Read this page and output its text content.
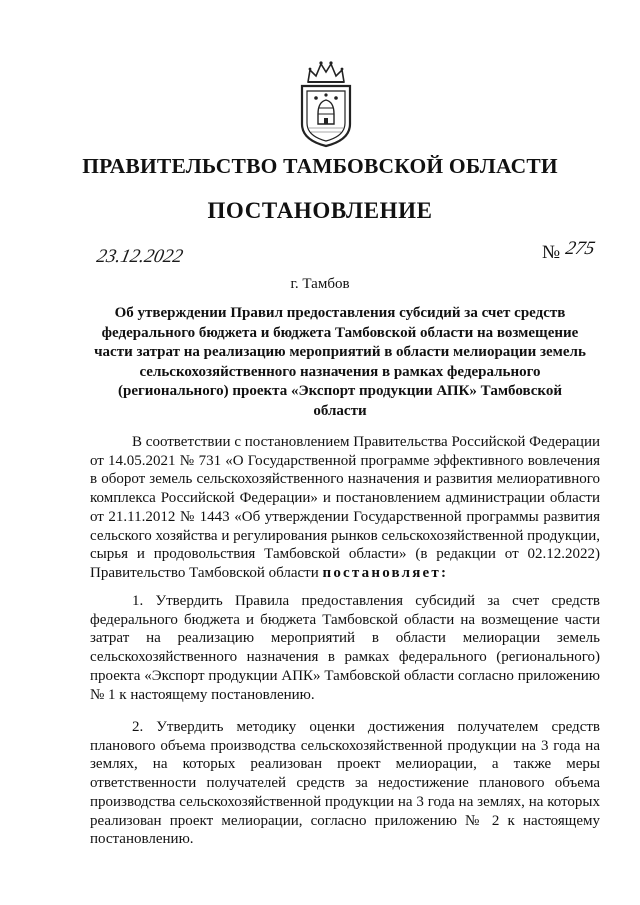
ПРАВИТЕЛЬСТВО ТАМБОВСКОЙ ОБЛАСТИ
ПОСТАНОВЛЕНИЕ
23.12.2022	№ 275
г. Тамбов
Об утверждении Правил предоставления субсидий за счет средств федерального бюджета и бюджета Тамбовской области на возмещение части затрат на реализацию мероприятий в области мелиорации земель сельскохозяйственного назначения в рамках федерального (регионального) проекта «Экспорт продукции АПК» Тамбовской области
В соответствии с постановлением Правительства Российской Федерации от 14.05.2021 № 731 «О Государственной программе эффективного вовлечения в оборот земель сельскохозяйственного назначения и развития мелиоративного комплекса Российской Федерации» и постановлением администрации области от 21.11.2012 № 1443 «Об утверждении Государственной программы развития сельского хозяйства и регулирования рынков сельскохозяйственной продукции, сырья и продовольствия Тамбовской области» (в редакции от 02.12.2022) Правительство Тамбовской области постановляет:
1. Утвердить Правила предоставления субсидий за счет средств федерального бюджета и бюджета Тамбовской области на возмещение части затрат на реализацию мероприятий в области мелиорации земель сельскохозяйственного назначения в рамках федерального (регионального) проекта «Экспорт продукции АПК» Тамбовской области согласно приложению № 1 к настоящему постановлению.
2. Утвердить методику оценки достижения получателем средств планового объема производства сельскохозяйственной продукции на 3 года на землях, на которых реализован проект мелиорации, а также меры ответственности получателей средств за недостижение планового объема производства сельскохозяйственной продукции на 3 года на землях, на которых реализован проект мелиорации, согласно приложению № 2 к настоящему постановлению.
